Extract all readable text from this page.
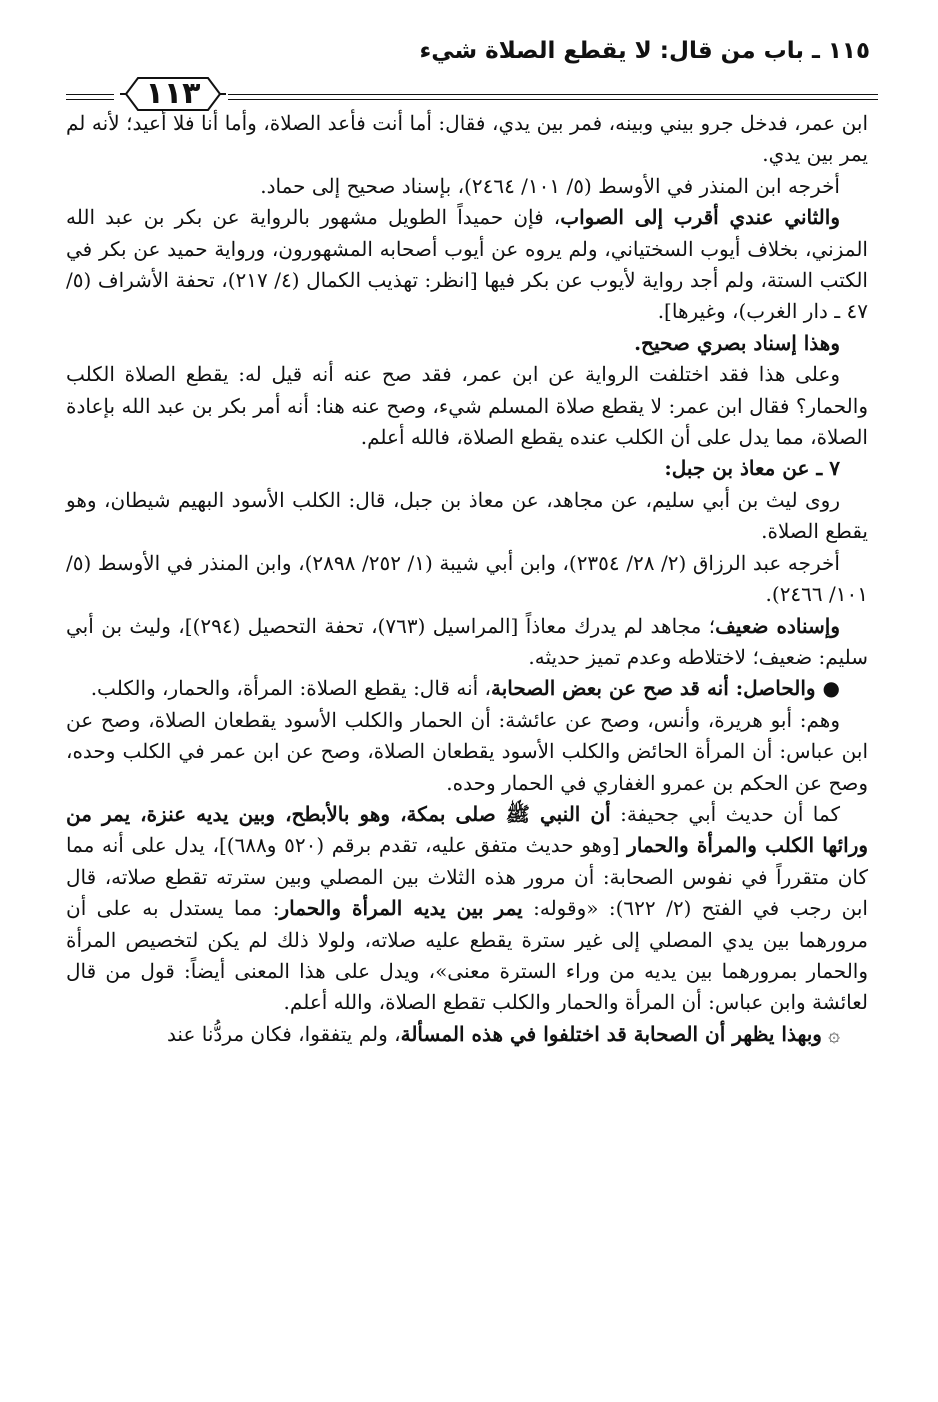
١١٥ ـ باب من قال: لا يقطع الصلاة شيء
١١٣

ابن عمر، فدخل جرو بيني وبينه، فمر بين يدي، فقال: أما أنت فأعد الصلاة، وأما أنا فلا أعيد؛ لأنه لم يمر بين يدي.

أخرجه ابن المنذر في الأوسط (٥/ ١٠١/ ٢٤٦٤)، بإسناد صحيح إلى حماد.

والثاني عندي أقرب إلى الصواب، فإن حميداً الطويل مشهور بالرواية عن بكر بن عبد الله المزني، بخلاف أيوب السختياني، ولم يروه عن أيوب أصحابه المشهورون، ورواية حميد عن بكر في الكتب الستة، ولم أجد رواية لأيوب عن بكر فيها [انظر: تهذيب الكمال (٤/ ٢١٧)، تحفة الأشراف (٥/ ٤٧ ـ دار الغرب)، وغيرها].

وهذا إسناد بصري صحيح.

وعلى هذا فقد اختلفت الرواية عن ابن عمر، فقد صح عنه أنه قيل له: يقطع الصلاة الكلب والحمار؟ فقال ابن عمر: لا يقطع صلاة المسلم شيء، وصح عنه هنا: أنه أمر بكر بن عبد الله بإعادة الصلاة، مما يدل على أن الكلب عنده يقطع الصلاة، فالله أعلم.

٧ ـ عن معاذ بن جبل:

روى ليث بن أبي سليم، عن مجاهد، عن معاذ بن جبل، قال: الكلب الأسود البهيم شيطان، وهو يقطع الصلاة.

أخرجه عبد الرزاق (٢/ ٢٨/ ٢٣٥٤)، وابن أبي شيبة (١/ ٢٥٢/ ٢٨٩٨)، وابن المنذر في الأوسط (٥/ ١٠١/ ٢٤٦٦).

وإسناده ضعيف؛ مجاهد لم يدرك معاذاً [المراسيل (٧٦٣)، تحفة التحصيل (٢٩٤)]، وليث بن أبي سليم: ضعيف؛ لاختلاطه وعدم تميز حديثه.

● والحاصل: أنه قد صح عن بعض الصحابة، أنه قال: يقطع الصلاة: المرأة، والحمار، والكلب.

وهم: أبو هريرة، وأنس، وصح عن عائشة: أن الحمار والكلب الأسود يقطعان الصلاة، وصح عن ابن عباس: أن المرأة الحائض والكلب الأسود يقطعان الصلاة، وصح عن ابن عمر في الكلب وحده، وصح عن الحكم بن عمرو الغفاري في الحمار وحده.

كما أن حديث أبي جحيفة: أن النبي ﷺ صلى بمكة، وهو بالأبطح، وبين يديه عنزة، يمر من ورائها الكلب والمرأة والحمار [وهو حديث متفق عليه، تقدم برقم (٥٢٠ و٦٨٨)]، يدل على أنه مما كان متقرراً في نفوس الصحابة: أن مرور هذه الثلاث بين المصلي وبين سترته تقطع صلاته، قال ابن رجب في الفتح (٢/ ٦٢٢): «وقوله: يمر بين يديه المرأة والحمار: مما يستدل به على أن مرورهما بين يدي المصلي إلى غير سترة يقطع عليه صلاته، ولولا ذلك لم يكن لتخصيص المرأة والحمار بمرورهما بين يديه من وراء السترة معنى»، ويدل على هذا المعنى أيضاً: قول من قال لعائشة وابن عباس: أن المرأة والحمار والكلب تقطع الصلاة، والله أعلم.

۞ وبهذا يظهر أن الصحابة قد اختلفوا في هذه المسألة، ولم يتفقوا، فكان مردُّنا عند
